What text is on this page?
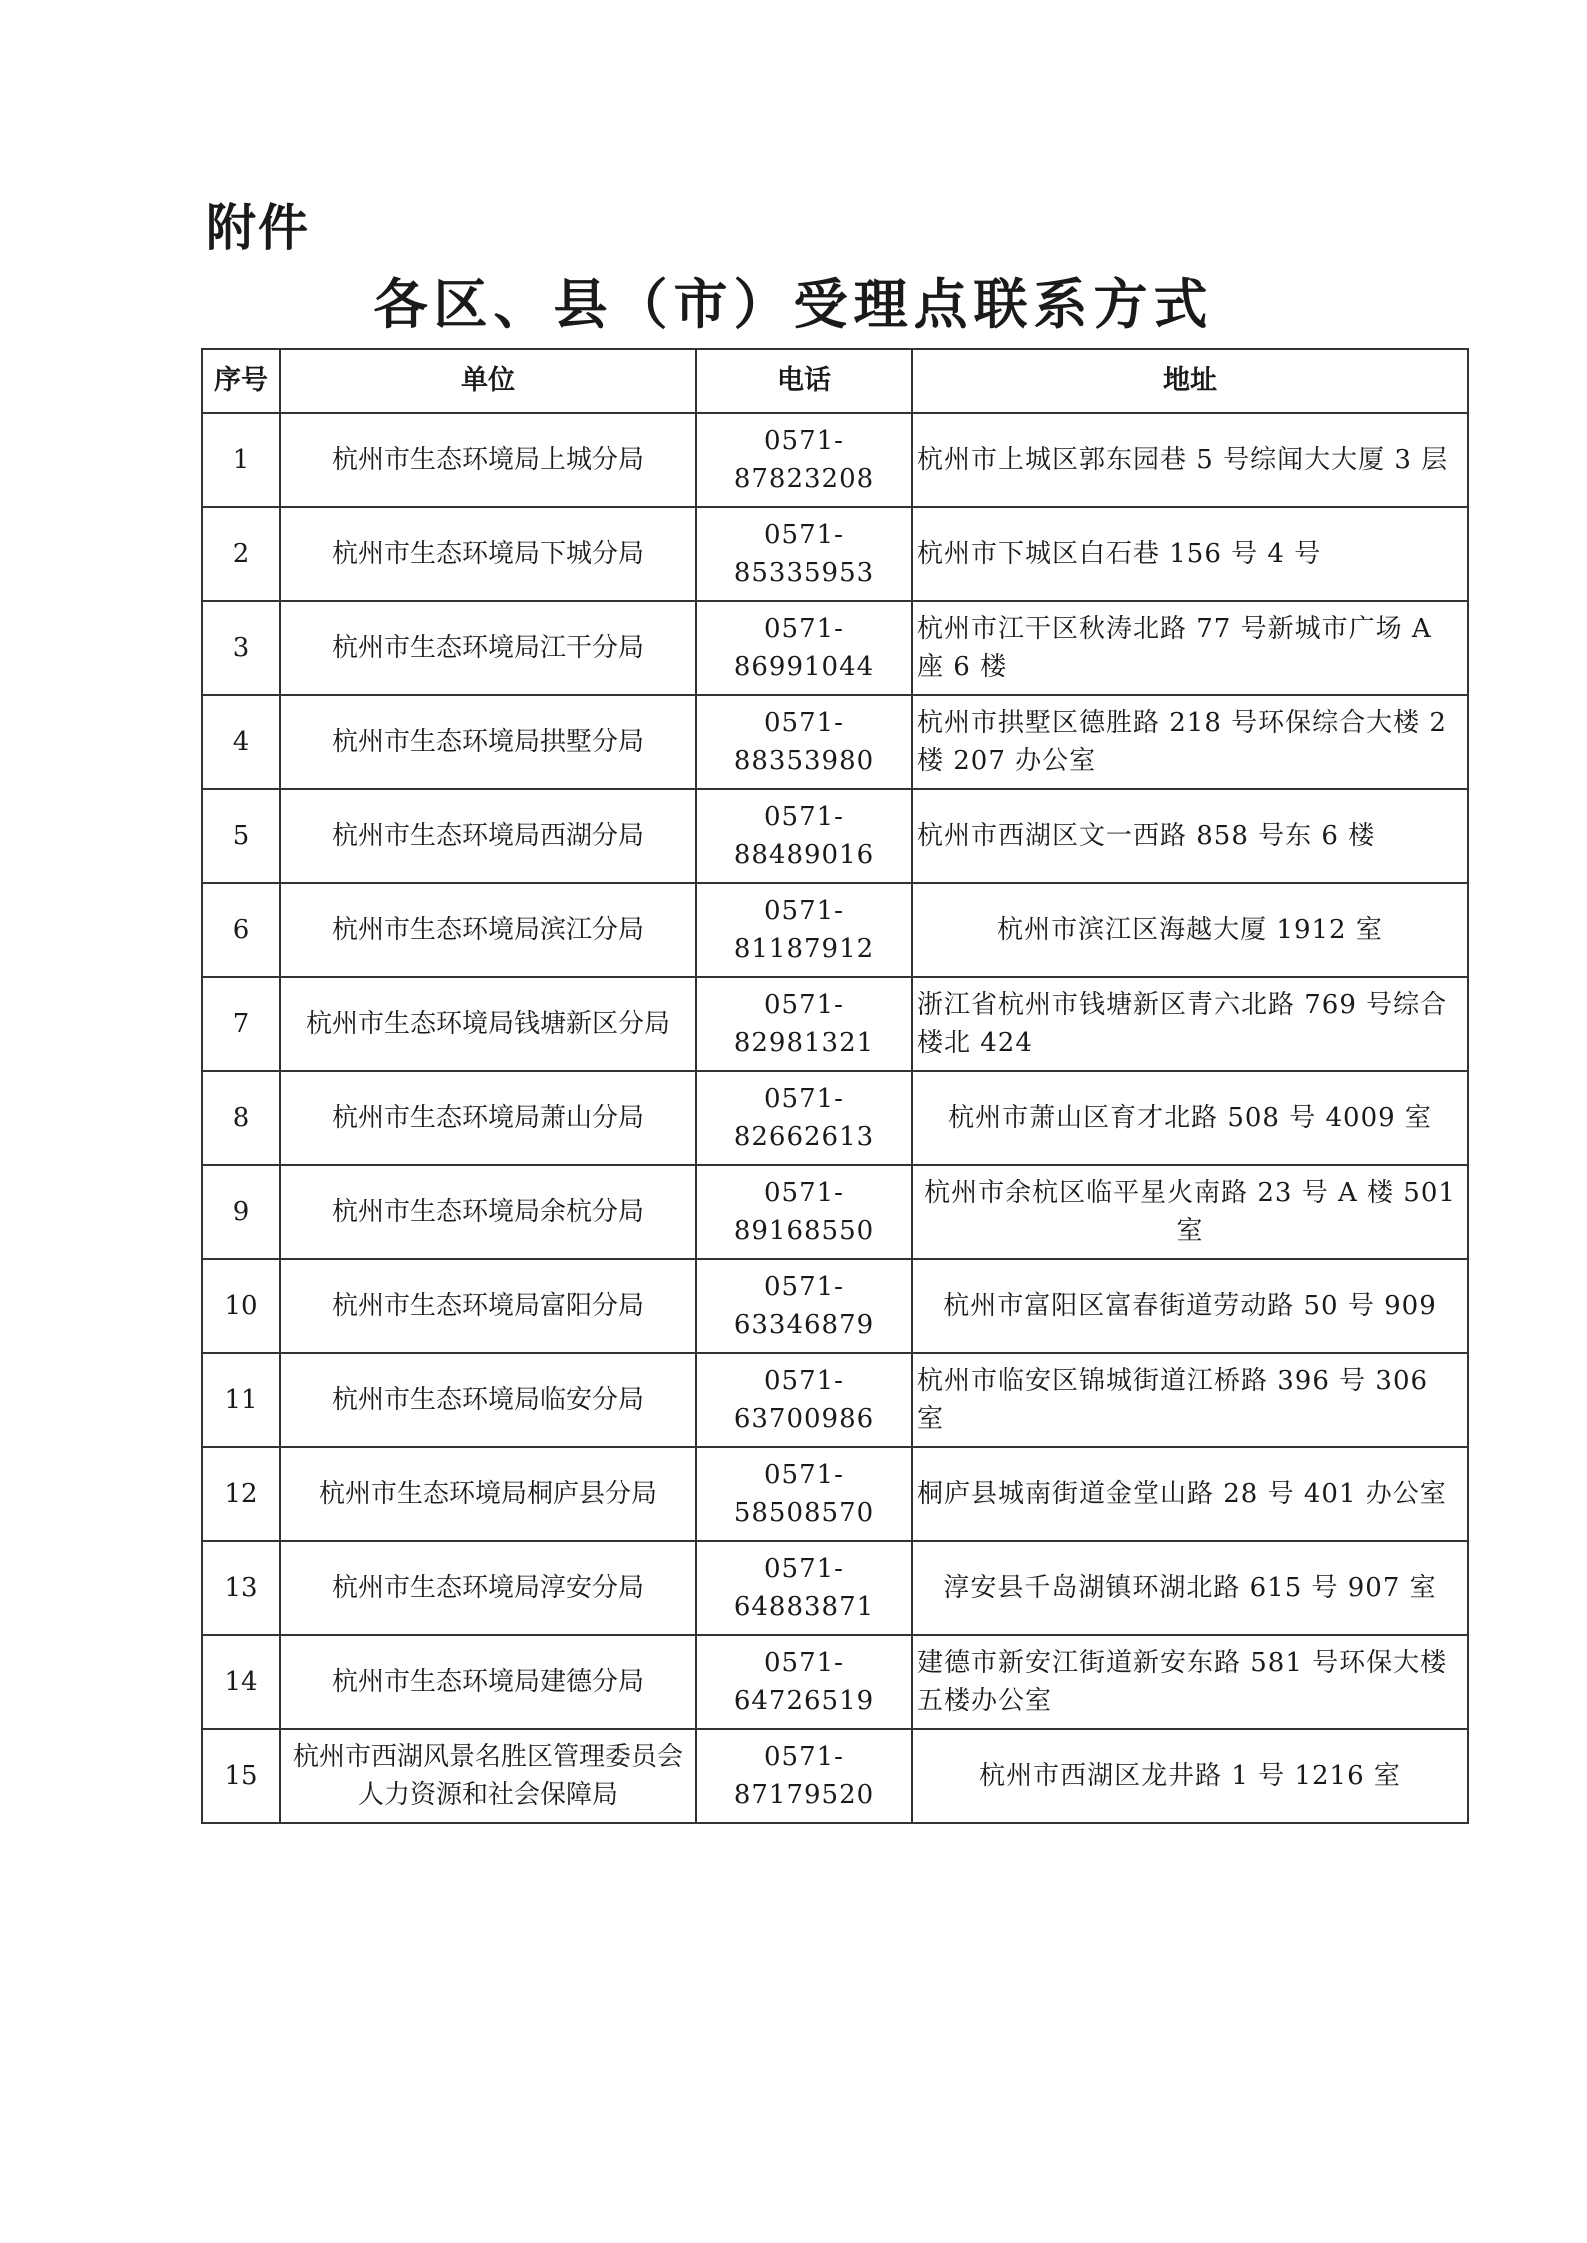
附件
各区、县（市）受理点联系方式
序号	单位	电话	地址
1	杭州市生态环境局上城分局	0571-87823208	杭州市上城区郭东园巷 5 号综闻大大厦 3 层
2	杭州市生态环境局下城分局	0571-85335953	杭州市下城区白石巷 156 号 4 号
3	杭州市生态环境局江干分局	0571-86991044	杭州市江干区秋涛北路 77 号新城市广场 A 座 6 楼
4	杭州市生态环境局拱墅分局	0571-88353980	杭州市拱墅区德胜路 218 号环保综合大楼 2 楼 207 办公室
5	杭州市生态环境局西湖分局	0571-88489016	杭州市西湖区文一西路 858 号东 6 楼
6	杭州市生态环境局滨江分局	0571-81187912	杭州市滨江区海越大厦 1912 室
7	杭州市生态环境局钱塘新区分局	0571-82981321	浙江省杭州市钱塘新区青六北路 769 号综合楼北 424
8	杭州市生态环境局萧山分局	0571-82662613	杭州市萧山区育才北路 508 号 4009 室
9	杭州市生态环境局余杭分局	0571-89168550	杭州市余杭区临平星火南路 23 号 A 楼 501 室
10	杭州市生态环境局富阳分局	0571-63346879	杭州市富阳区富春街道劳动路 50 号 909
11	杭州市生态环境局临安分局	0571-63700986	杭州市临安区锦城街道江桥路 396 号 306 室
12	杭州市生态环境局桐庐县分局	0571-58508570	桐庐县城南街道金堂山路 28 号 401 办公室
13	杭州市生态环境局淳安分局	0571-64883871	淳安县千岛湖镇环湖北路 615 号 907 室
14	杭州市生态环境局建德分局	0571-64726519	建德市新安江街道新安东路 581 号环保大楼五楼办公室
15	杭州市西湖风景名胜区管理委员会人力资源和社会保障局	0571-87179520	杭州市西湖区龙井路 1 号 1216 室
